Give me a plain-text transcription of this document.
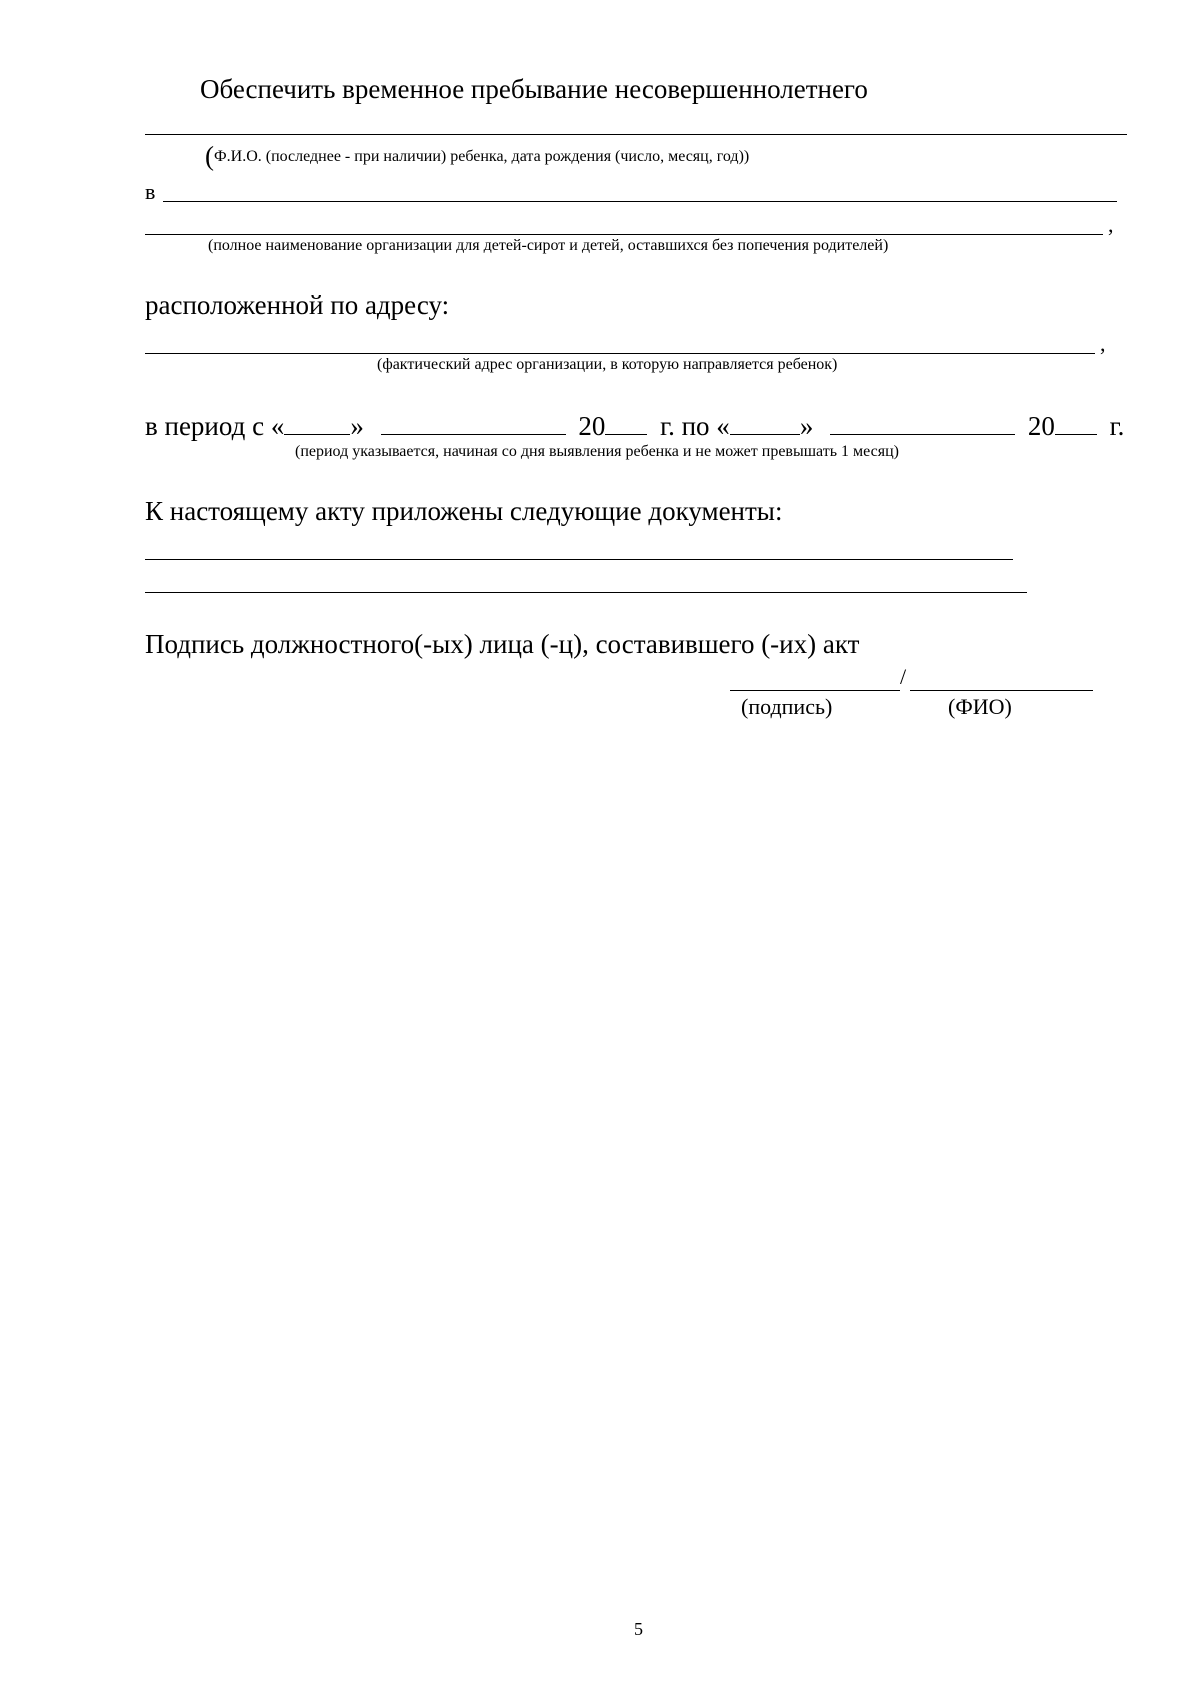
Обеспечить временное пребывание несовершеннолетнего
(Ф.И.О. (последнее - при наличии) ребенка, дата рождения (число, месяц, год))
в
,
(полное наименование организации для детей-сирот и детей, оставшихся без попечения родителей)
расположенной по адресу:
,
(фактический адрес организации, в которую направляется ребенок)
в период с « »	20 г. по «	»	20 г.
(период указывается, начиная со дня выявления ребенка и не может превышать 1 месяц)
К настоящему акту приложены следующие документы:
Подпись должностного(-ых) лица (-ц), составившего (-их) акт
/
(подпись)	(ФИО)
5
